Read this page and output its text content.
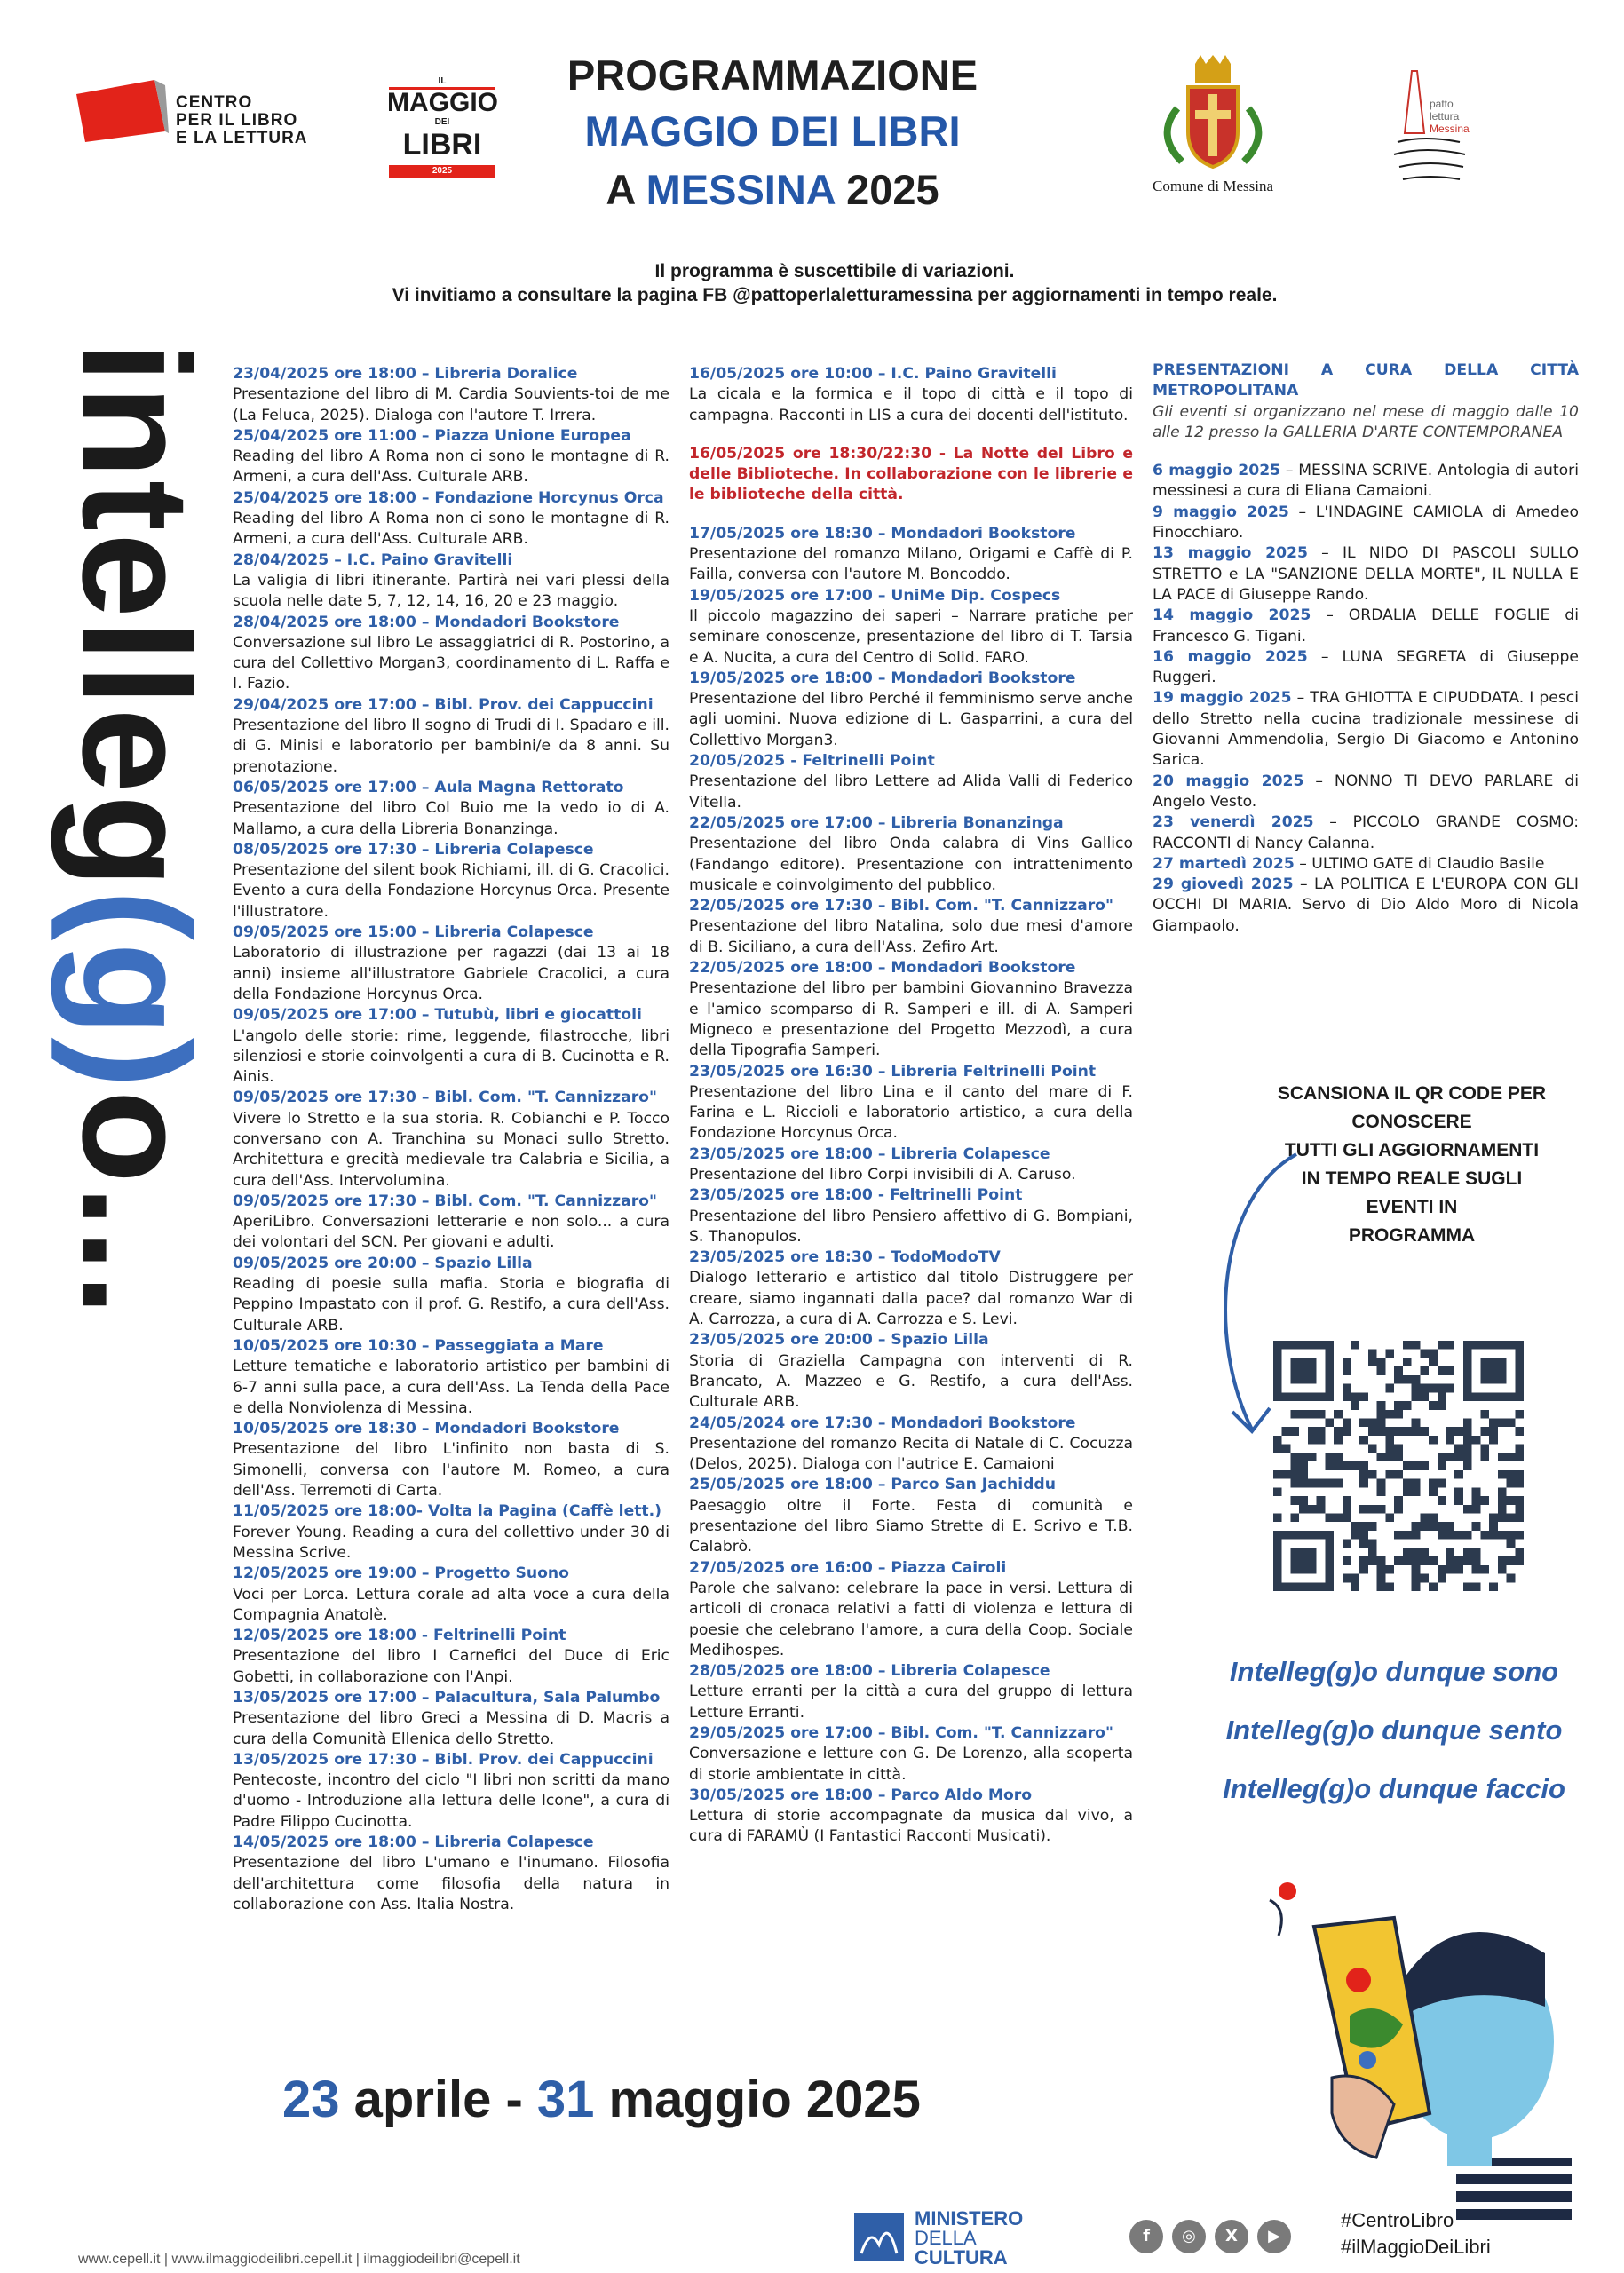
CENTRO
PER IL LIBRO
E LA LETTURA
IL
MAGGIO
DEI
LIBRI
2025
PROGRAMMAZIONE
MAGGIO DEI LIBRI
A MESSINA 2025
Il programma è suscettibile di variazioni.
Vi invitiamo a consultare la pagina FB @pattoperlaletturamessina per aggiornamenti in tempo reale.
Comune di Messina
patto
lettura
Messina
intelleg(g)o...
23/04/2025 ore 18:00 – Libreria Doralice
Presentazione del libro di M. Cardia Souvients-toi de me (La Feluca, 2025). Dialoga con l'autore T. Irrera.
25/04/2025 ore 11:00 – Piazza Unione Europea
Reading del libro A Roma non ci sono le montagne di R. Armeni, a cura dell'Ass. Culturale ARB.
25/04/2025 ore 18:00 – Fondazione Horcynus Orca
Reading del libro A Roma non ci sono le montagne di R. Armeni, a cura dell'Ass. Culturale ARB.
28/04/2025 – I.C. Paino Gravitelli
La valigia di libri itinerante. Partirà nei vari plessi della scuola nelle date 5, 7, 12, 14, 16, 20 e 23 maggio.
28/04/2025 ore 18:00 – Mondadori Bookstore
Conversazione sul libro Le assaggiatrici di R. Postorino, a cura del Collettivo Morgan3, coordinamento di L. Raffa e I. Fazio.
29/04/2025 ore 17:00 – Bibl. Prov. dei Cappuccini
Presentazione del libro Il sogno di Trudi di I. Spadaro e ill. di G. Minisi e laboratorio per bambini/e da 8 anni. Su prenotazione.
06/05/2025 ore 17:00 – Aula Magna Rettorato
Presentazione del libro Col Buio me la vedo io di A. Mallamo, a cura della Libreria Bonanzinga.
08/05/2025 ore 17:30 – Libreria Colapesce
Presentazione del silent book Richiami, ill. di G. Cracolici. Evento a cura della Fondazione Horcynus Orca. Presente l'illustratore.
09/05/2025 ore 15:00 – Libreria Colapesce
Laboratorio di illustrazione per ragazzi (dai 13 ai 18 anni) insieme all'illustratore Gabriele Cracolici, a cura della Fondazione Horcynus Orca.
09/05/2025 ore 17:00 – Tutubù, libri e giocattoli
L'angolo delle storie: rime, leggende, filastrocche, libri silenziosi e storie coinvolgenti a cura di B. Cucinotta e R. Ainis.
09/05/2025 ore 17:30 – Bibl. Com. "T. Cannizzaro"
Vivere lo Stretto e la sua storia. R. Cobianchi e P. Tocco conversano con A. Tranchina su Monaci sullo Stretto. Architettura e grecità medievale tra Calabria e Sicilia, a cura dell'Ass. Intervolumina.
09/05/2025 ore 17:30 – Bibl. Com. "T. Cannizzaro"
AperiLibro. Conversazioni letterarie e non solo... a cura dei volontari del SCN. Per giovani e adulti.
09/05/2025 ore 20:00 – Spazio Lilla
Reading di poesie sulla mafia. Storia e biografia di Peppino Impastato con il prof. G. Restifo, a cura dell'Ass. Culturale ARB.
10/05/2025 ore 10:30 – Passeggiata a Mare
Letture tematiche e laboratorio artistico per bambini di 6-7 anni sulla pace, a cura dell'Ass. La Tenda della Pace e della Nonviolenza di Messina.
10/05/2025 ore 18:30 – Mondadori Bookstore
Presentazione del libro L'infinito non basta di S. Simonelli, conversa con l'autore M. Romeo, a cura dell'Ass. Terremoti di Carta.
11/05/2025 ore 18:00- Volta la Pagina (Caffè lett.)
Forever Young. Reading a cura del collettivo under 30 di Messina Scrive.
12/05/2025 ore 19:00 – Progetto Suono
Voci per Lorca. Lettura corale ad alta voce a cura della Compagnia Anatolè.
12/05/2025 ore 18:00 - Feltrinelli Point
Presentazione del libro I Carnefici del Duce di Eric Gobetti, in collaborazione con l'Anpi.
13/05/2025 ore 17:00 – Palacultura, Sala Palumbo
Presentazione del libro Greci a Messina di D. Macris a cura della Comunità Ellenica dello Stretto.
13/05/2025 ore 17:30 – Bibl. Prov. dei Cappuccini
Pentecoste, incontro del ciclo "I libri non scritti da mano d'uomo - Introduzione alla lettura delle Icone", a cura di Padre Filippo Cucinotta.
14/05/2025 ore 18:00 – Libreria Colapesce
Presentazione del libro L'umano e l'inumano. Filosofia dell'architettura come filosofia della natura in collaborazione con Ass. Italia Nostra.
16/05/2025 ore 10:00 – I.C. Paino Gravitelli
La cicala e la formica e il topo di città e il topo di campagna. Racconti in LIS a cura dei docenti dell'istituto.
16/05/2025 ore 18:30/22:30 - La Notte del Libro e delle Biblioteche. In collaborazione con le librerie e le biblioteche della città.
17/05/2025 ore 18:30 – Mondadori Bookstore
Presentazione del romanzo Milano, Origami e Caffè di P. Failla, conversa con l'autore M. Boncoddo.
19/05/2025 ore 17:00 – UniMe Dip. Cospecs
Il piccolo magazzino dei saperi – Narrare pratiche per seminare conoscenze, presentazione del libro di T. Tarsia e A. Nucita, a cura del Centro di Solid. FARO.
19/05/2025 ore 18:00 – Mondadori Bookstore
Presentazione del libro Perché il femminismo serve anche agli uomini. Nuova edizione di L. Gasparrini, a cura del Collettivo Morgan3.
20/05/2025 - Feltrinelli Point
Presentazione del libro Lettere ad Alida Valli di Federico Vitella.
22/05/2025 ore 17:00 – Libreria Bonanzinga
Presentazione del libro Onda calabra di Vins Gallico (Fandango editore). Presentazione con intrattenimento musicale e coinvolgimento del pubblico.
22/05/2025 ore 17:30 – Bibl. Com. "T. Cannizzaro"
Presentazione del libro Natalina, solo due mesi d'amore di B. Siciliano, a cura dell'Ass. Zefiro Art.
22/05/2025 ore 18:00 – Mondadori Bookstore
Presentazione del libro per bambini Giovannino Bravezza e l'amico scomparso di R. Samperi e ill. di A. Samperi Migneco e presentazione del Progetto Mezzodì, a cura della Tipografia Samperi.
23/05/2025 ore 16:30 – Libreria Feltrinelli Point
Presentazione del libro Lina e il canto del mare di F. Farina e L. Riccioli e laboratorio artistico, a cura della Fondazione Horcynus Orca.
23/05/2025 ore 18:00 – Libreria Colapesce
Presentazione del libro Corpi invisibili di A. Caruso.
23/05/2025 ore 18:00 - Feltrinelli Point
Presentazione del libro Pensiero affettivo di G. Bompiani, S. Thanopulos.
23/05/2025 ore 18:30 – TodoModoTV
Dialogo letterario e artistico dal titolo Distruggere per creare, siamo ingannati dalla pace? dal romanzo War di A. Carrozza, a cura di A. Carrozza e S. Levi.
23/05/2025 ore 20:00 – Spazio Lilla
Storia di Graziella Campagna con interventi di R. Brancato, A. Mazzeo e G. Restifo, a cura dell'Ass. Culturale ARB.
24/05/2024 ore 17:30 – Mondadori Bookstore
Presentazione del romanzo Recita di Natale di C. Cocuzza (Delos, 2025). Dialoga con l'autrice E. Camaioni
25/05/2025 ore 18:00 – Parco San Jachiddu
Paesaggio oltre il Forte. Festa di comunità e presentazione del libro Siamo Strette di E. Scrivo e T.B. Calabrò.
27/05/2025 ore 16:00 – Piazza Cairoli
Parole che salvano: celebrare la pace in versi. Lettura di articoli di cronaca relativi a fatti di violenza e lettura di poesie che celebrano l'amore, a cura della Coop. Sociale Medihospes.
28/05/2025 ore 18:00 – Libreria Colapesce
Letture erranti per la città a cura del gruppo di lettura Letture Erranti.
29/05/2025 ore 17:00 – Bibl. Com. "T. Cannizzaro"
Conversazione e letture con G. De Lorenzo, alla scoperta di storie ambientate in città.
30/05/2025 ore 18:00 – Parco Aldo Moro
Lettura di storie accompagnate da musica dal vivo, a cura di FARAMÙ (I Fantastici Racconti Musicati).
PRESENTAZIONI A CURA DELLA CITTÀ METROPOLITANA
Gli eventi si organizzano nel mese di maggio dalle 10 alle 12 presso la GALLERIA D'ARTE CONTEMPORANEA
6 maggio 2025 – MESSINA SCRIVE. Antologia di autori messinesi a cura di Eliana Camaioni.
9 maggio 2025 – L'INDAGINE CAMIOLA di Amedeo Finocchiaro.
13 maggio 2025 – IL NIDO DI PASCOLI SULLO STRETTO e LA "SANZIONE DELLA MORTE", IL NULLA E LA PACE di Giuseppe Rando.
14 maggio 2025 – ORDALIA DELLE FOGLIE di Francesco G. Tigani.
16 maggio 2025 – LUNA SEGRETA di Giuseppe Ruggeri.
19 maggio 2025 – TRA GHIOTTA E CIPUDDATA. I pesci dello Stretto nella cucina tradizionale messinese di Giovanni Ammendolia, Sergio Di Giacomo e Antonino Sarica.
20 maggio 2025 – NONNO TI DEVO PARLARE di Angelo Vesto.
23 venerdì 2025 – PICCOLO GRANDE COSMO: RACCONTI di Nancy Calanna.
27 martedì 2025 – ULTIMO GATE di Claudio Basile
29 giovedì 2025 – LA POLITICA E L'EUROPA CON GLI OCCHI DI MARIA. Servo di Dio Aldo Moro di Nicola Giampaolo.
SCANSIONA IL QR CODE PER
CONOSCERE
TUTTI GLI AGGIORNAMENTI
IN TEMPO REALE SUGLI
EVENTI IN
PROGRAMMA
Intelleg(g)o dunque sono
Intelleg(g)o dunque sento
Intelleg(g)o dunque faccio
23 aprile - 31 maggio 2025
www.cepell.it | www.ilmaggiodeilibri.cepell.it | ilmaggiodeilibri@cepell.it
MINISTERO
DELLA
CULTURA
f	◎	X	▶
#CentroLibro
#ilMaggioDeiLibri
